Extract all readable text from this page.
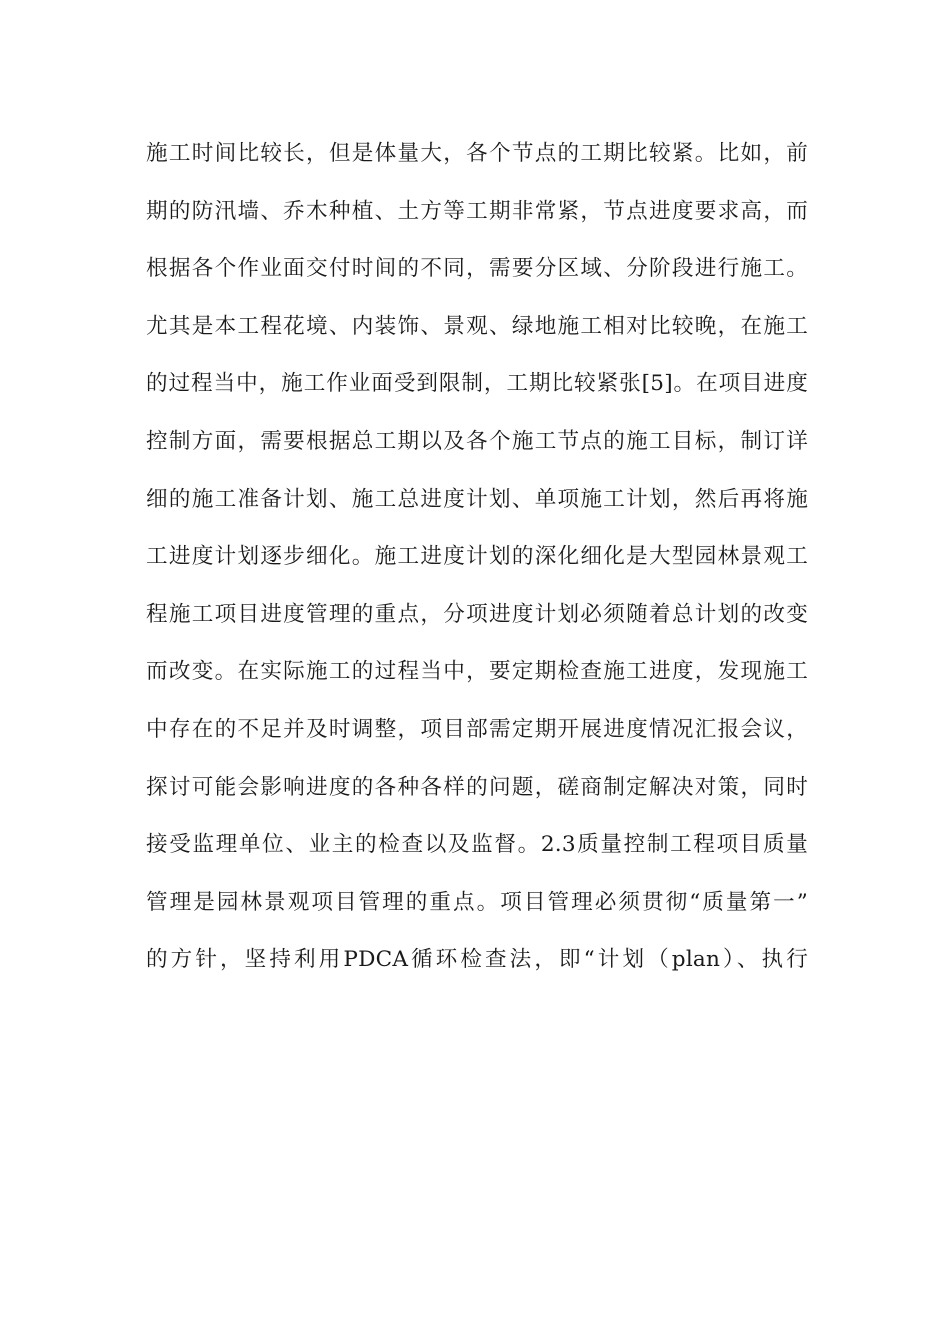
施工时间比较长，但是体量大，各个节点的工期比较紧。比如，前
期的防汛墙、乔木种植、土方等工期非常紧，节点进度要求高，而
根据各个作业面交付时间的不同，需要分区域、分阶段进行施工。
尤其是本工程花境、内装饰、景观、绿地施工相对比较晚，在施工
的过程当中，施工作业面受到限制，工期比较紧张[5]。在项目进度
控制方面，需要根据总工期以及各个施工节点的施工目标，制订详
细的施工准备计划、施工总进度计划、单项施工计划，然后再将施
工进度计划逐步细化。施工进度计划的深化细化是大型园林景观工
程施工项目进度管理的重点，分项进度计划必须随着总计划的改变
而改变。在实际施工的过程当中，要定期检查施工进度，发现施工
中存在的不足并及时调整，项目部需定期开展进度情况汇报会议，
探讨可能会影响进度的各种各样的问题，磋商制定解决对策，同时
接受监理单位、业主的检查以及监督。2.3质量控制工程项目质量
管理是园林景观项目管理的重点。项目管理必须贯彻“质量第一”
的方针，坚持利用PDCA循环检查法，即“计划（plan）、执行
